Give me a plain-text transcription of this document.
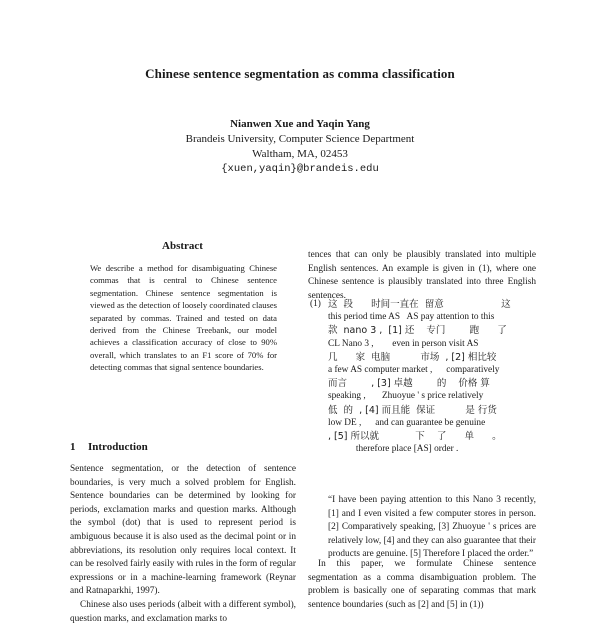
Chinese sentence segmentation as comma classification
Nianwen Xue and Yaqin Yang
Brandeis University, Computer Science Department
Waltham, MA, 02453
{xuen,yaqin}@brandeis.edu
Abstract
We describe a method for disambiguating Chinese commas that is central to Chinese sentence segmentation. Chinese sentence segmentation is viewed as the detection of loosely coordinated clauses separated by commas. Trained and tested on data derived from the Chinese Treebank, our model achieves a classification accuracy of close to 90% overall, which translates to an F1 score of 70% for detecting commas that signal sentence boundaries.
1 Introduction

Sentence segmentation, or the detection of sentence boundaries, is very much a solved problem for English. Sentence boundaries can be determined by looking for periods, exclamation marks and question marks. Although the symbol (dot) that is used to represent period is ambiguous because it is also used as the decimal point or in abbreviations, its resolution only requires local context. It can be resolved fairly easily with rules in the form of regular expressions or in a machine-learning framework (Reynar and Ratnaparkhi, 1997).

Chinese also uses periods (albeit with a different symbol), question marks, and exclamation marks to

tences that can only be plausibly translated into multiple English sentences. An example is given in (1), where one Chinese sentence is plausibly translated into three English sentences.
(1) 这  段      时间一直在  留意                   这
this period time AS   AS pay attention to this
款  nano 3 ,  [1] 还    专门        跑      了
CL Nano 3 ,        even in person visit AS
几      家  电脑          市场  , [2] 相比较
a few AS computer market ,      comparatively
而言        , [3] 卓越        的    价格 算
speaking ,       Zhuoyue ' s price relatively
低  的  , [4] 而且能  保证          是 行货
low DE ,      and can guarantee be genuine
, [5] 所以就            下    了      单      。
therefore place [AS] order .
“I have been paying attention to this Nano 3 recently, [1] and I even visited a few computer stores in person. [2] Comparatively speaking, [3] Zhuoyue ' s prices are relatively low, [4] and they can also guarantee that their products are genuine. [5] Therefore I placed the order.”

In this paper, we formulate Chinese sentence segmentation as a comma disambiguation problem. The problem is basically one of separating commas that mark sentence boundaries (such as [2] and [5] in (1))
